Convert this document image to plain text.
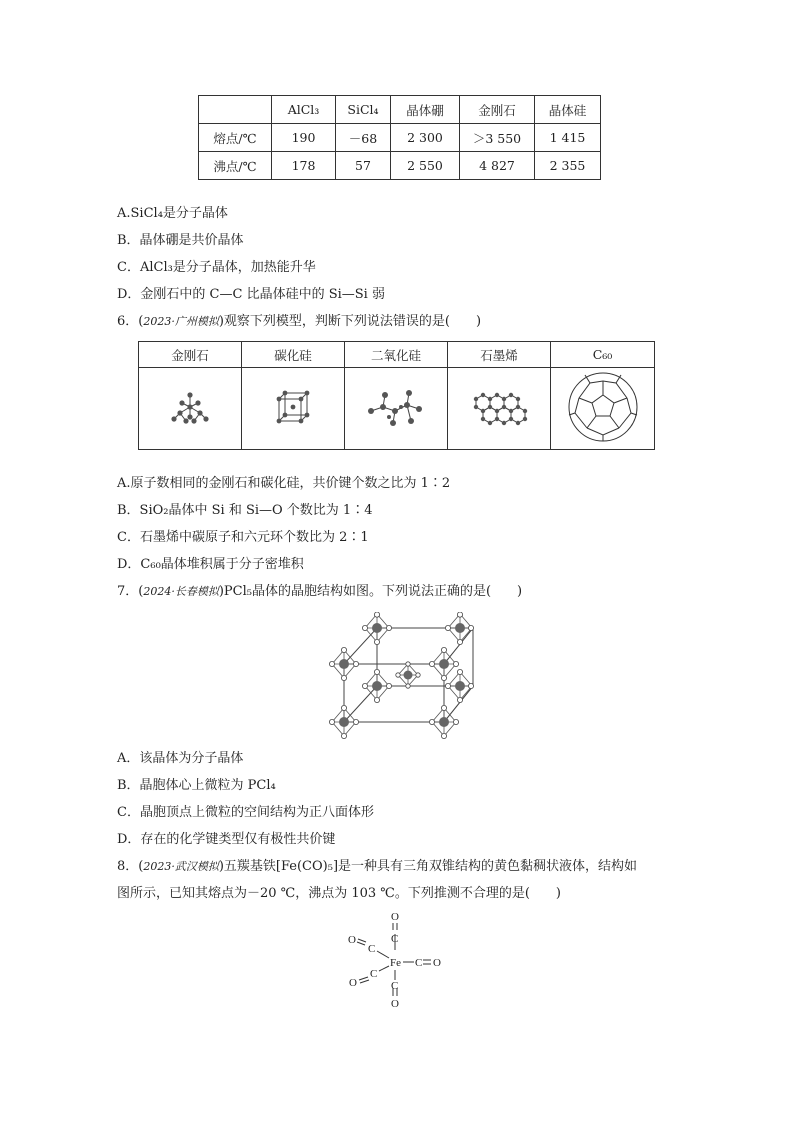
	AlCl₃	SiCl₄	晶体硼	金刚石	晶体硅
熔点/℃	190	－68	2 300	＞3 550	1 415
沸点/℃	178	57	2 550	4 827	2 355
A.SiCl₄是分子晶体
B．晶体硼是共价晶体
C．AlCl₃是分子晶体，加热能升华
D．金刚石中的 C—C 比晶体硅中的 Si—Si 弱
6．(2023·广州模拟)观察下列模型，判断下列说法错误的是(　　)
金刚石	碳化硅	二氧化硅	石墨烯	C₆₀

A.原子数相同的金刚石和碳化硅，共价键个数之比为 1∶2
B．SiO₂晶体中 Si 和 Si—O 个数比为 1∶4
C．石墨烯中碳原子和六元环个数比为 2∶1
D．C₆₀晶体堆积属于分子密堆积
7．(2024·长春模拟)PCl₅晶体的晶胞结构如图。下列说法正确的是(　　)
A．该晶体为分子晶体
B．晶胞体心上微粒为 PCl₄
C．晶胞顶点上微粒的空间结构为正八面体形
D．存在的化学键类型仅有极性共价键
8．(2023·武汉模拟)五羰基铁[Fe(CO)₅]是一种具有三角双锥结构的黄色黏稠状液体，结构如
图所示，已知其熔点为－20 ℃，沸点为 103 ℃。下列推测不合理的是(　　)
Fe
C
O
C
O
C O
C
O
C
O
